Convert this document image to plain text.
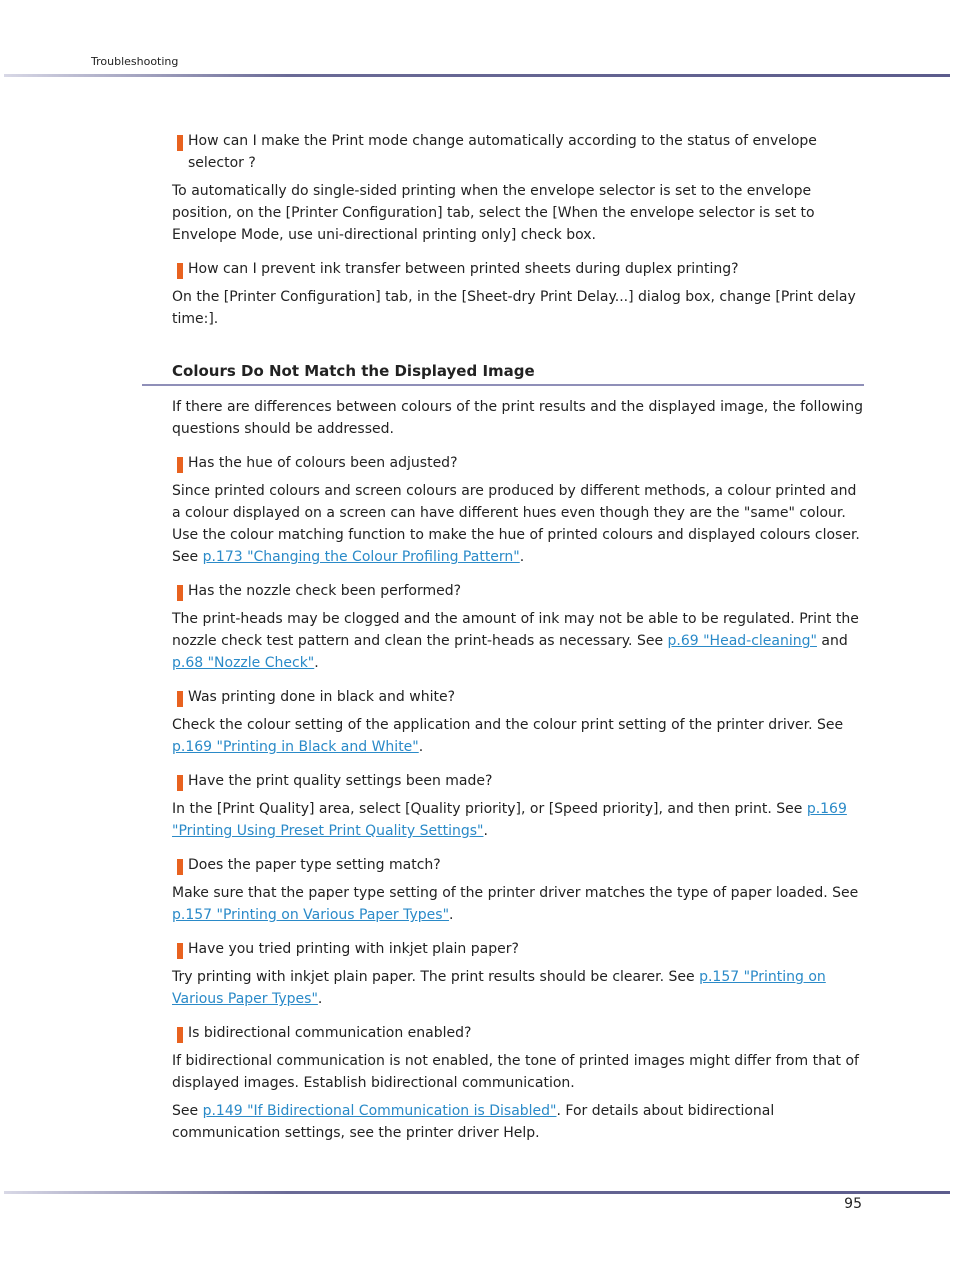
Troubleshooting
How can I make the Print mode change automatically according to the status of envelope selector ?

To automatically do single-sided printing when the envelope selector is set to the envelope position, on the [Printer Configuration] tab, select the [When the envelope selector is set to Envelope Mode, use uni-directional printing only] check box.

How can I prevent ink transfer between printed sheets during duplex printing?

On the [Printer Configuration] tab, in the [Sheet-dry Print Delay...] dialog box, change [Print delay time:].

Colours Do Not Match the Displayed Image

If there are differences between colours of the print results and the displayed image, the following questions should be addressed.

Has the hue of colours been adjusted?

Since printed colours and screen colours are produced by different methods, a colour printed and a colour displayed on a screen can have different hues even though they are the "same" colour. Use the colour matching function to make the hue of printed colours and displayed colours closer. See p.173 "Changing the Colour Profiling Pattern".

Has the nozzle check been performed?

The print-heads may be clogged and the amount of ink may not be able to be regulated. Print the nozzle check test pattern and clean the print-heads as necessary. See p.69 "Head-cleaning" and p.68 "Nozzle Check".

Was printing done in black and white?

Check the colour setting of the application and the colour print setting of the printer driver. See p.169 "Printing in Black and White".

Have the print quality settings been made?

In the [Print Quality] area, select [Quality priority], or [Speed priority], and then print. See p.169 "Printing Using Preset Print Quality Settings".

Does the paper type setting match?

Make sure that the paper type setting of the printer driver matches the type of paper loaded. See p.157 "Printing on Various Paper Types".

Have you tried printing with inkjet plain paper?

Try printing with inkjet plain paper. The print results should be clearer. See p.157 "Printing on Various Paper Types".

Is bidirectional communication enabled?

If bidirectional communication is not enabled, the tone of printed images might differ from that of displayed images. Establish bidirectional communication.

See p.149 "If Bidirectional Communication is Disabled". For details about bidirectional communication settings, see the printer driver Help.

95
